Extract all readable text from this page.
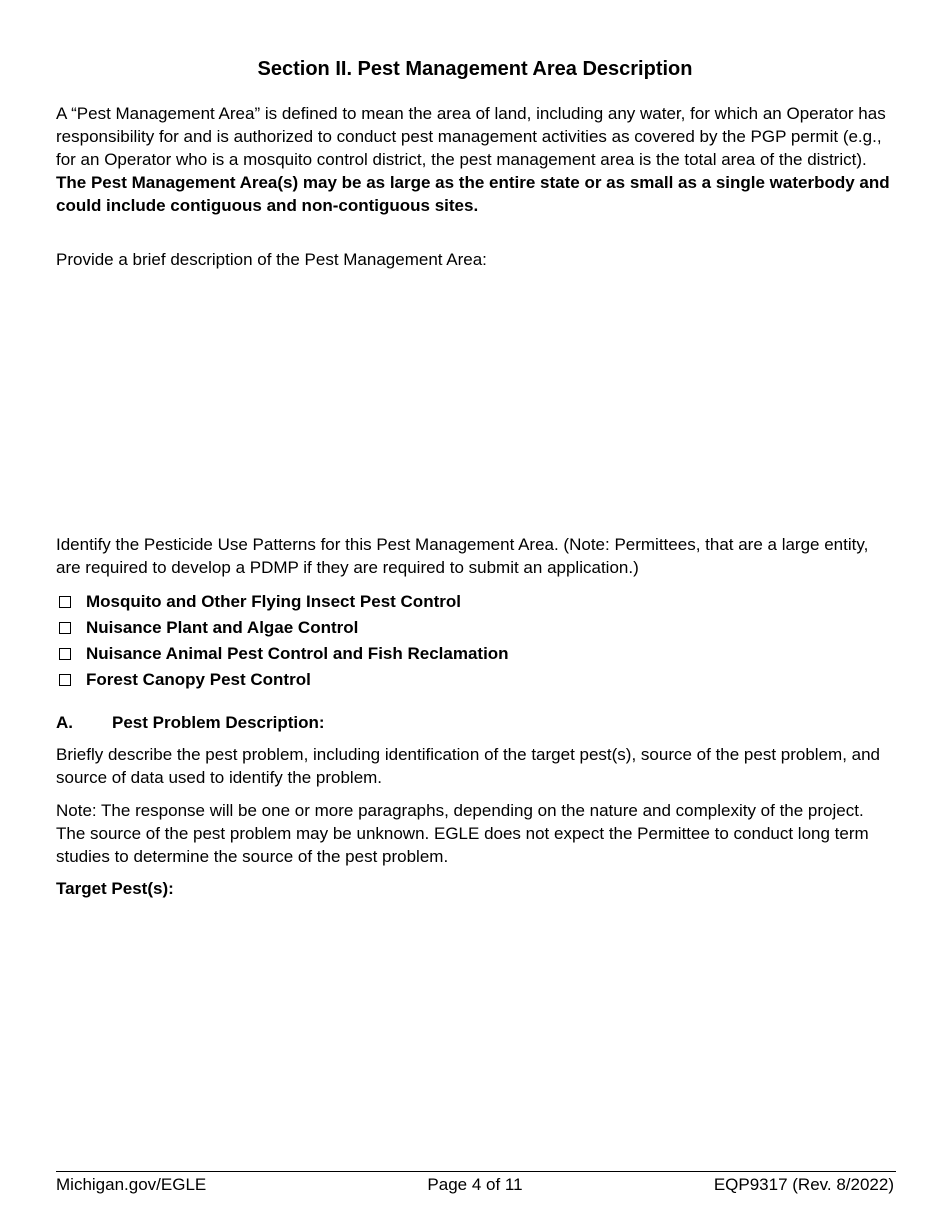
Section II. Pest Management Area Description
A “Pest Management Area” is defined to mean the area of land, including any water, for which an Operator has responsibility for and is authorized to conduct pest management activities as covered by the PGP permit (e.g., for an Operator who is a mosquito control district, the pest management area is the total area of the district). The Pest Management Area(s) may be as large as the entire state or as small as a single waterbody and could include contiguous and non-contiguous sites.
Provide a brief description of the Pest Management Area:
Identify the Pesticide Use Patterns for this Pest Management Area. (Note: Permittees, that are a large entity, are required to develop a PDMP if they are required to submit an application.)
Mosquito and Other Flying Insect Pest Control
Nuisance Plant and Algae Control
Nuisance Animal Pest Control and Fish Reclamation
Forest Canopy Pest Control
A. Pest Problem Description:
Briefly describe the pest problem, including identification of the target pest(s), source of the pest problem, and source of data used to identify the problem.
Note: The response will be one or more paragraphs, depending on the nature and complexity of the project. The source of the pest problem may be unknown. EGLE does not expect the Permittee to conduct long term studies to determine the source of the pest problem.
Target Pest(s):
Michigan.gov/EGLE	Page 4 of 11	EQP9317 (Rev. 8/2022)
